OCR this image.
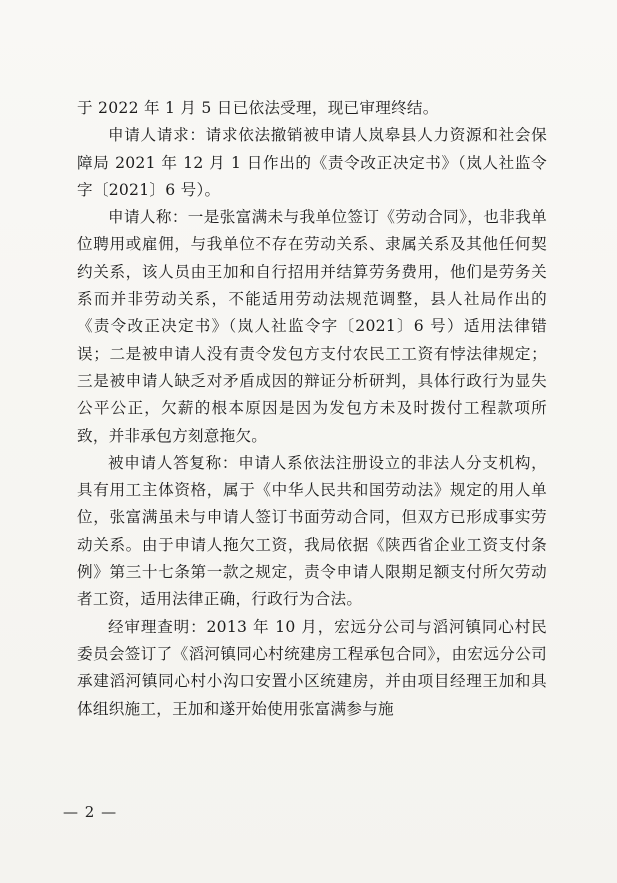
于 2022 年 1 月 5 日已依法受理，现已审理终结。

申请人请求：请求依法撤销被申请人岚皋县人力资源和社会保障局 2021 年 12 月 1 日作出的《责令改正决定书》（岚人社监令字〔2021〕6 号）。

申请人称：一是张富满未与我单位签订《劳动合同》，也非我单位聘用或雇佣，与我单位不存在劳动关系、隶属关系及其他任何契约关系，该人员由王加和自行招用并结算劳务费用，他们是劳务关系而并非劳动关系，不能适用劳动法规范调整，县人社局作出的《责令改正决定书》（岚人社监令字〔2021〕6 号）适用法律错误；二是被申请人没有责令发包方支付农民工工资有悖法律规定；三是被申请人缺乏对矛盾成因的辩证分析研判，具体行政行为显失公平公正，欠薪的根本原因是因为发包方未及时拨付工程款项所致，并非承包方刻意拖欠。

被申请人答复称：申请人系依法注册设立的非法人分支机构，具有用工主体资格，属于《中华人民共和国劳动法》规定的用人单位，张富满虽未与申请人签订书面劳动合同，但双方已形成事实劳动关系。由于申请人拖欠工资，我局依据《陕西省企业工资支付条例》第三十七条第一款之规定，责令申请人限期足额支付所欠劳动者工资，适用法律正确，行政行为合法。

经审理查明：2013 年 10 月，宏远分公司与滔河镇同心村民委员会签订了《滔河镇同心村统建房工程承包合同》，由宏远分公司承建滔河镇同心村小沟口安置小区统建房，并由项目经理王加和具体组织施工，王加和遂开始使用张富满参与施

— 2 —
